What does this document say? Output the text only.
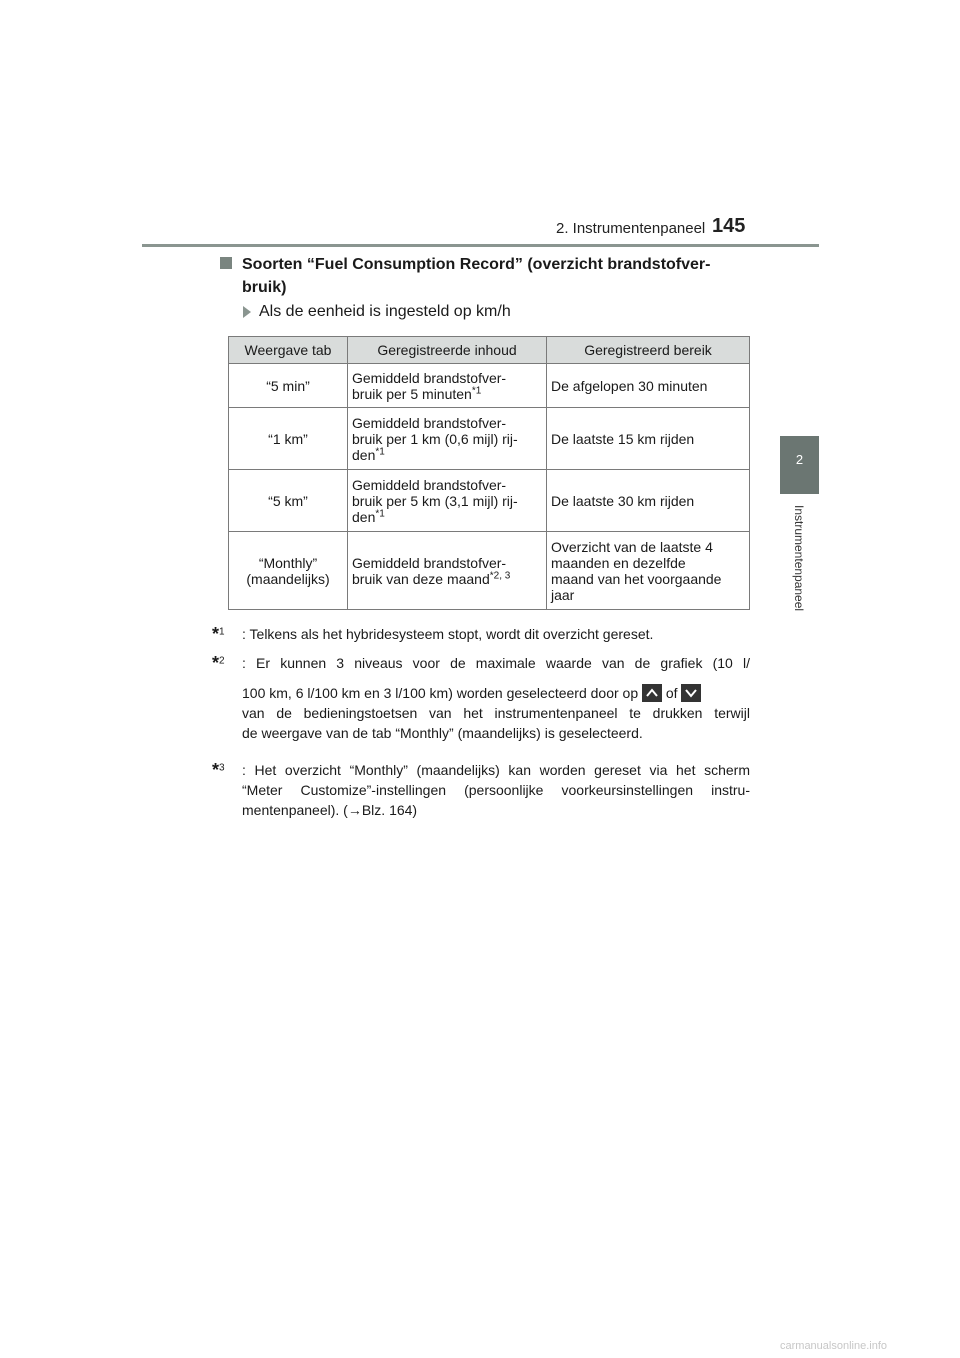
2. Instrumentenpaneel 145
2
Instrumentenpaneel
Soorten “Fuel Consumption Record” (overzicht brandstofver-
bruik)
Als de eenheid is ingesteld op km/h
Weergave tab	Geregistreerde inhoud	Geregistreerd bereik
“5 min”	Gemiddeld brandstofver-
bruik per 5 minuten$^{*1}$	De afgelopen 30 minuten
“1 km”	Gemiddeld brandstofver-
bruik per 1 km (0,6 mijl) rij-
den$^{*1}$	De laatste 15 km rijden
“5 km”	Gemiddeld brandstofver-
bruik per 5 km (3,1 mijl) rij-
den$^{*1}$	De laatste 30 km rijden
“Monthly”
(maandelijks)	Gemiddeld brandstofver-
bruik van deze maand$^{*2, 3}$	Overzicht van de laatste 4
maanden en dezelfde
maand van het voorgaande
jaar
*$^1$ : Telkens als het hybridesysteem stopt, wordt dit overzicht gereset.
*$^2$ : Er kunnen 3 niveaus voor de maximale waarde van de grafiek (10 l/
100 km, 6 l/100 km en 3 l/100 km) worden geselecteerd door op of
van de bedieningstoetsen van het instrumentenpaneel te drukken terwijl
de weergave van de tab “Monthly” (maandelijks) is geselecteerd.
*$^3$ : Het overzicht “Monthly” (maandelijks) kan worden gereset via het scherm
“Meter Customize”-instellingen (persoonlijke voorkeursinstellingen instru-
mentenpaneel). (→Blz. 164)
carmanualsonline.info
